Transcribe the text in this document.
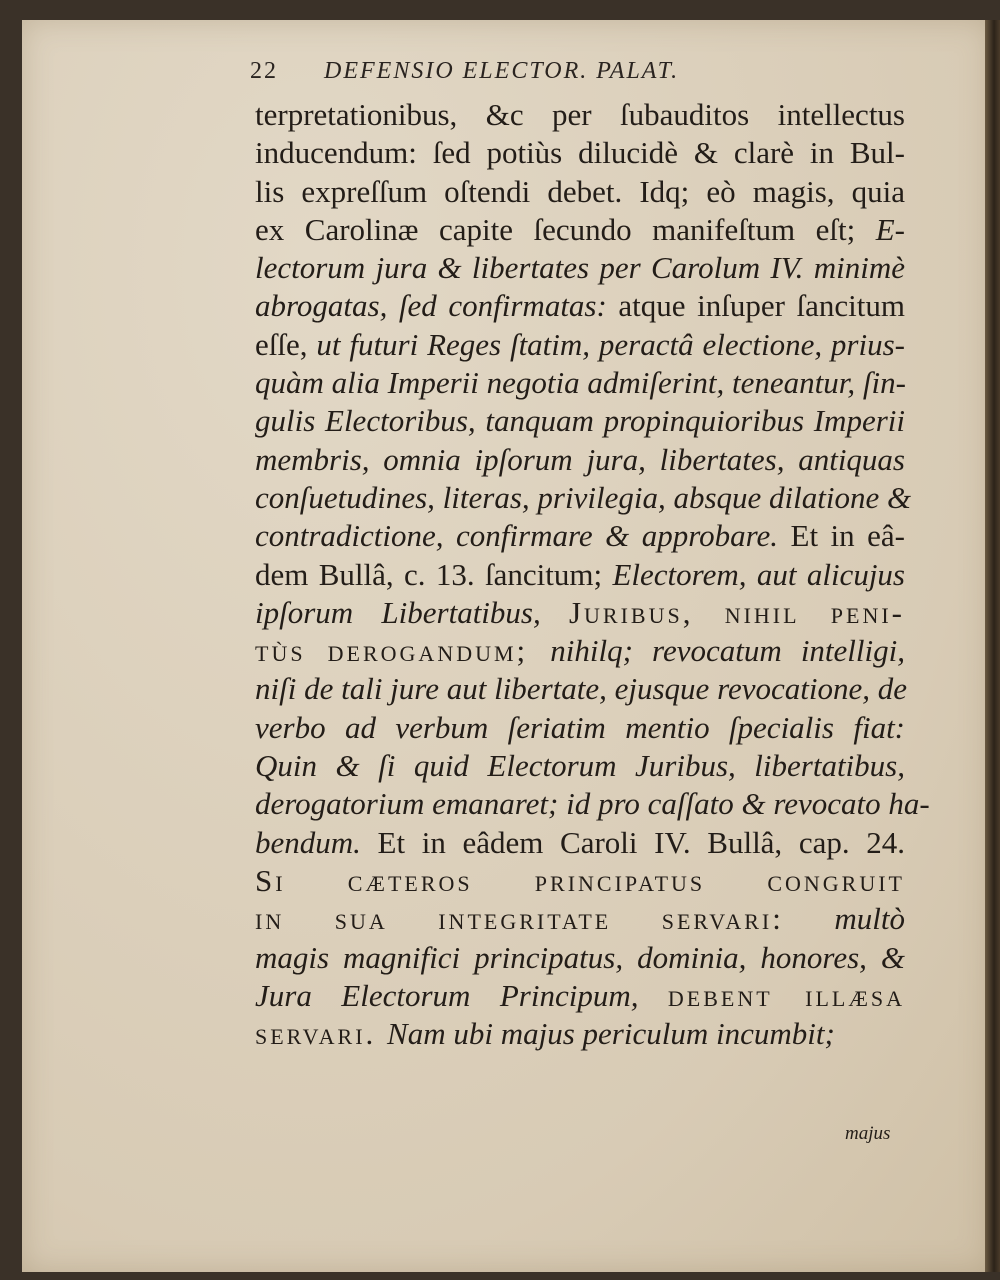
22 DEFENSIO ELECTOR. PALAT.
terpretationibus, &c per ſubauditos intellectus
inducendum: ſed potiùs dilucidè & clarè in Bul-
lis expreſſum oſtendi debet. Idq; eò magis, quia
ex Carolinæ capite ſecundo manifeſtum eſt; E-
lectorum jura & libertates per Carolum IV. minimè
abrogatas, ſed confirmatas: atque inſuper ſancitum
eſſe, ut futuri Reges ſtatim, peractâ electione, prius-
quàm alia Imperii negotia admiſerint, teneantur, ſin-
gulis Electoribus, tanquam propinquioribus Imperii
membris, omnia ipſorum jura, libertates, antiquas
conſuetudines, literas, privilegia, absque dilatione &
contradictione, confirmare & approbare. Et in eâ-
dem Bullâ, c. 13. ſancitum; Electorem, aut alicujus
ipſorum Libertatibus, Juribus, nihil peni-
tùs derogandum; nihilq; revocatum intelligi,
niſi de tali jure aut libertate, ejusque revocatione, de
verbo ad verbum ſeriatim mentio ſpecialis fiat:
Quin & ſi quid Electorum Juribus, libertatibus,
derogatorium emanaret; id pro caſſato & revocato ha-
bendum. Et in eâdem Caroli IV. Bullâ, cap. 24.
Si cæteros principatus congruit
in sua integritate servari: multò
magis magnifici principatus, dominia, honores, &
Jura Electorum Principum, debent illæsa
servari. Nam ubi majus periculum incumbit;
majus
